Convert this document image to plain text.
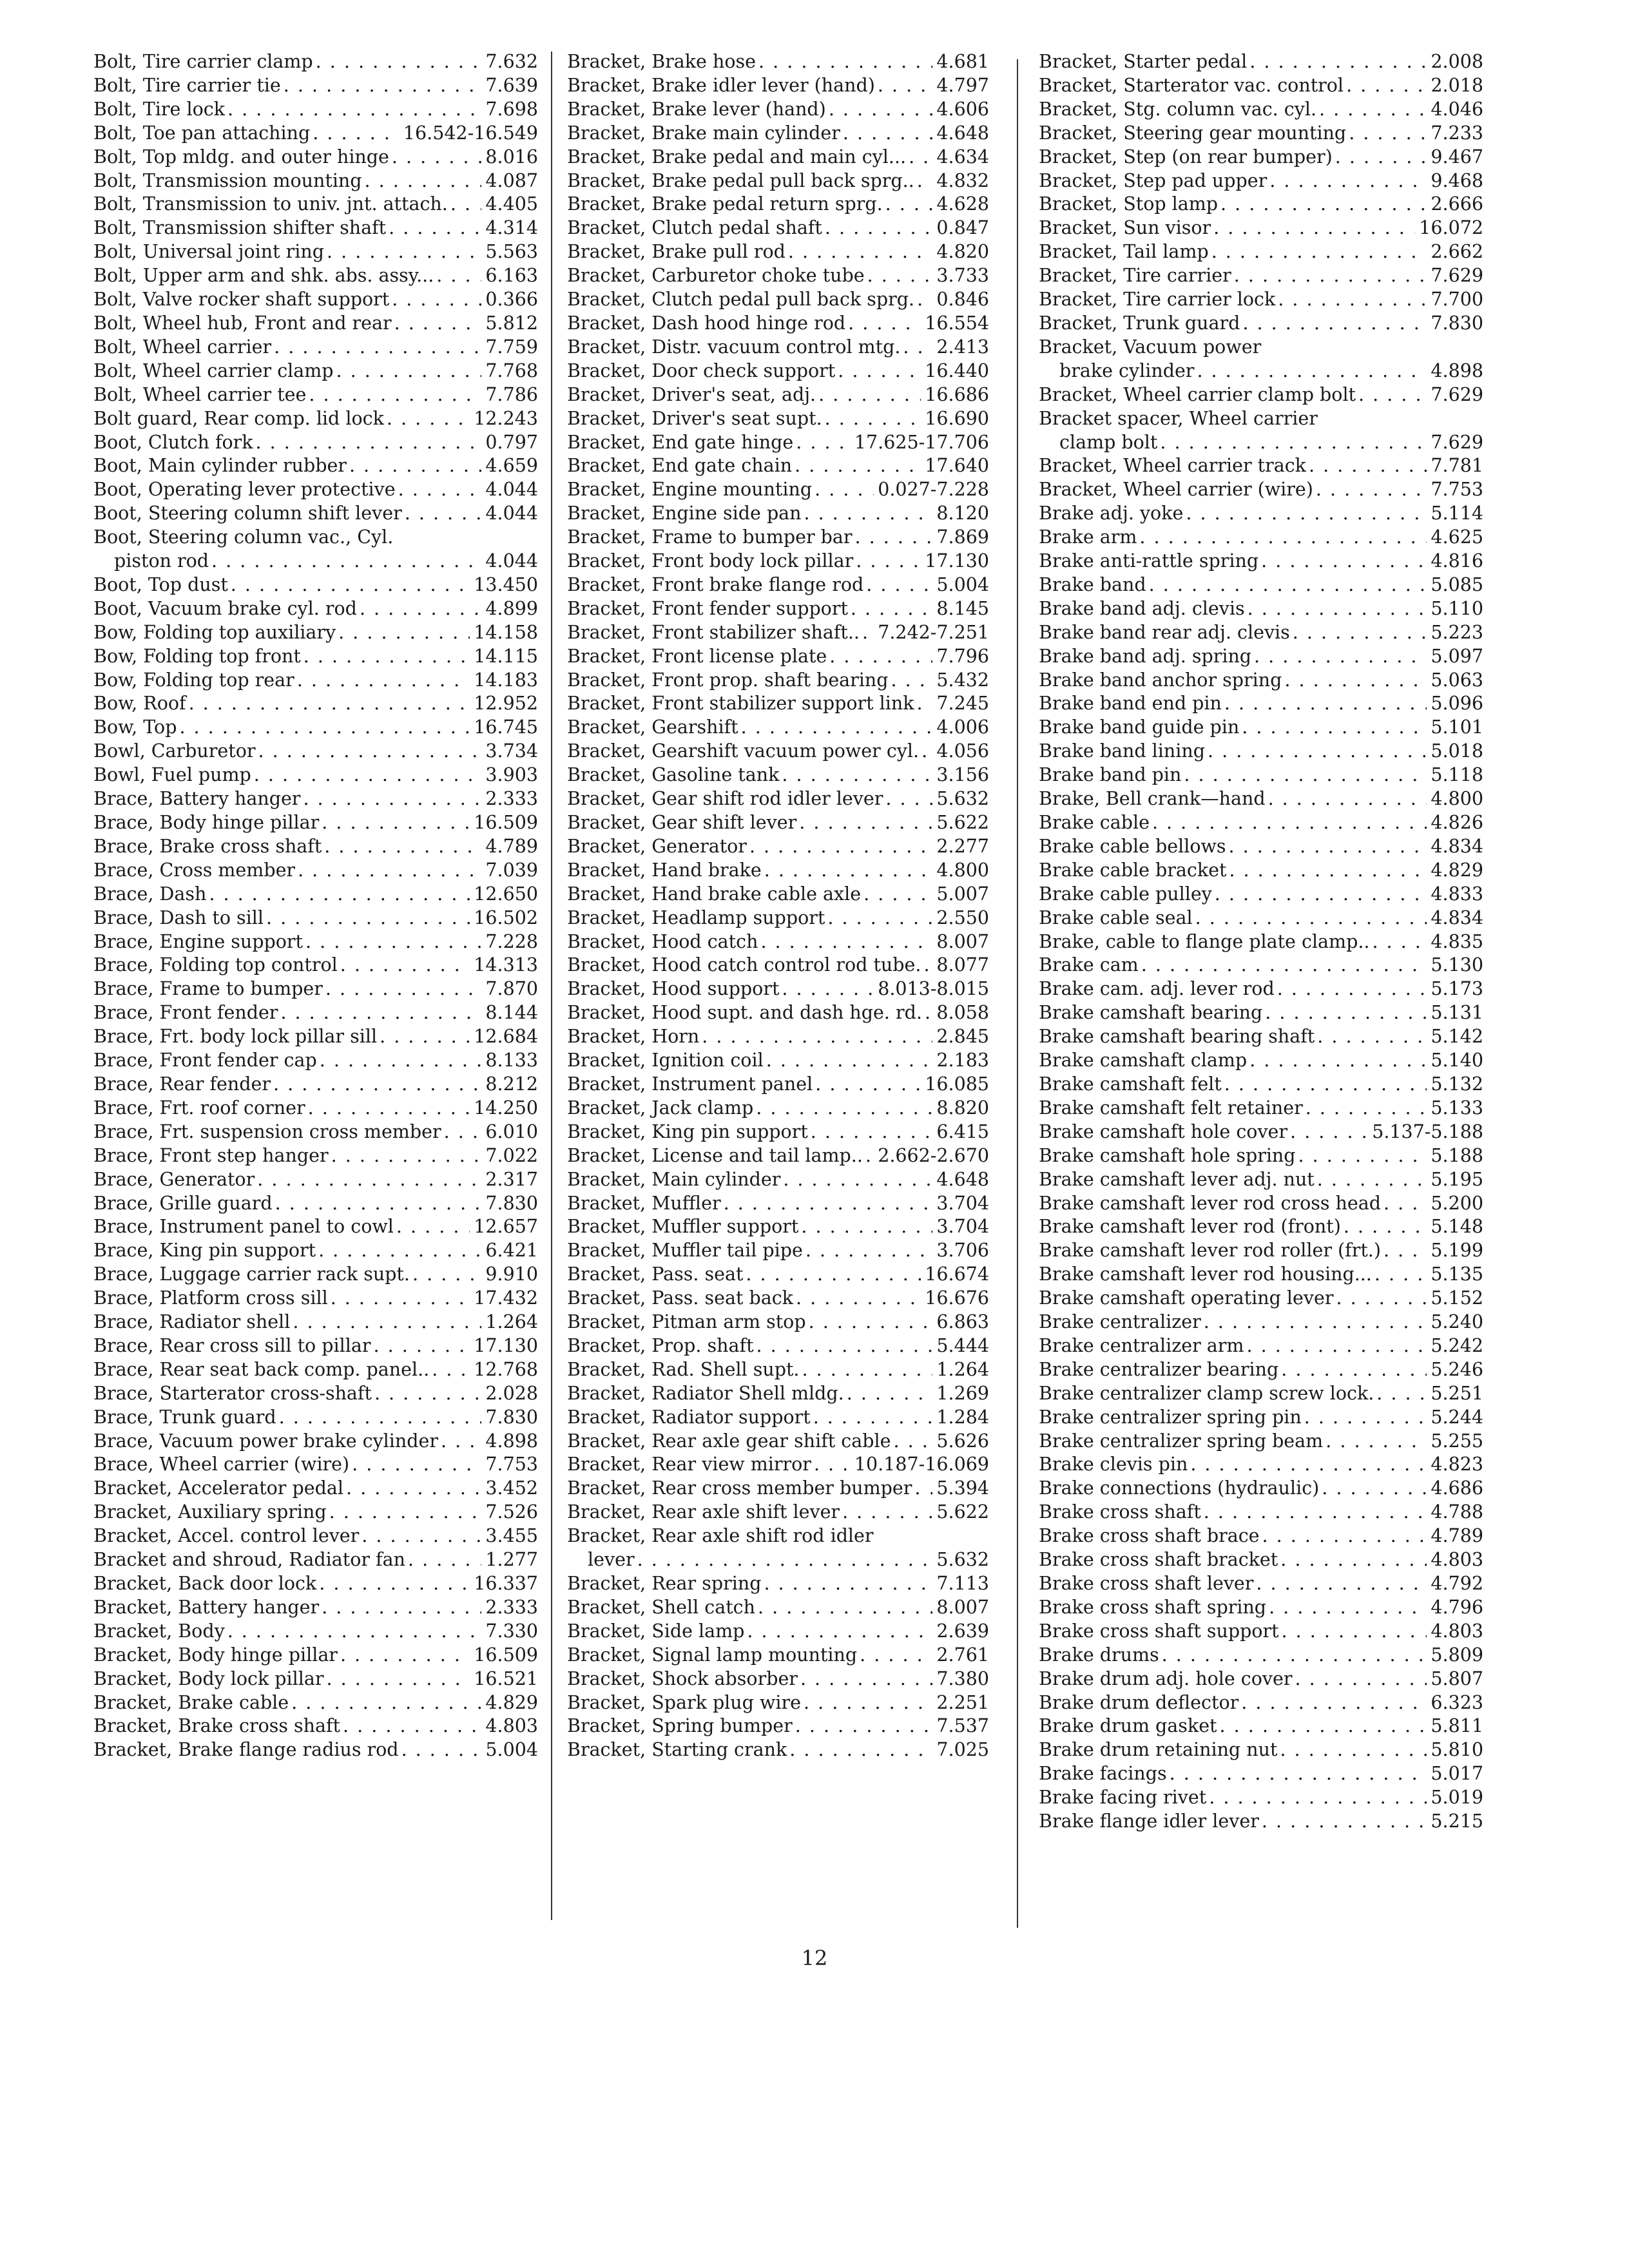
Bolt, Tire carrier clamp . . .	7.632
Bolt, Tire carrier tie . . .	7.639
Bolt, Tire lock . . .	7.698
Bolt, Toe pan attaching . . .	16.542-16.549
Bolt, Top mldg. and outer hinge . . .	8.016
Bolt, Transmission mounting . . .	4.087
Bolt, Transmission to univ. jnt. attach. . . . 4.405
Bolt, Transmission shifter shaft . . .	4.314
Bolt, Universal joint ring . . .	5.563
Bolt, Upper arm and shk. abs. assy... . . .	6.163
Bolt, Valve rocker shaft support . . .	0.366
Bolt, Wheel hub, Front and rear . . .	5.812
Bolt, Wheel carrier . . .	7.759
Bolt, Wheel carrier clamp . . .	7.768
Bolt, Wheel carrier tee . . .	7.786
Bolt guard, Rear comp. lid lock . . .	12.243
Boot, Clutch fork . . .	0.797
Boot, Main cylinder rubber . . .	4.659
Boot, Operating lever protective . . .	4.044
Boot, Steering column shift lever . . .	4.044
Boot, Steering column vac., Cyl.
piston rod . . .	4.044
Boot, Top dust . . .	13.450
Boot, Vacuum brake cyl. rod . . .	4.899
Bow, Folding top auxiliary . . .	14.158
Bow, Folding top front . . .	14.115
Bow, Folding top rear . . .	14.183
Bow, Roof . . .	12.952
Bow, Top . . .	16.745
Bowl, Carburetor . . .	3.734
Bowl, Fuel pump . . .	3.903
Brace, Battery hanger . . .	2.333
Brace, Body hinge pillar . . .	16.509
Brace, Brake cross shaft . . .	4.789
Brace, Cross member . . .	7.039
Brace, Dash . . .	12.650
Brace, Dash to sill . . .	16.502
Brace, Engine support . . .	7.228
Brace, Folding top control . . .	14.313
Brace, Frame to bumper . . .	7.870
Brace, Front fender . . .	8.144
Brace, Frt. body lock pillar sill . . .	12.684
Brace, Front fender cap . . .	8.133
Brace, Rear fender . . .	8.212
Brace, Frt. roof corner . . .	14.250
Brace, Frt. suspension cross member . . . 6.010
Brace, Front step hanger . . .	7.022
Brace, Generator . . .	2.317
Brace, Grille guard . . .	7.830
Brace, Instrument panel to cowl . . .	12.657
Brace, King pin support . . .	6.421
Brace, Luggage carrier rack supt. . . .	9.910
Brace, Platform cross sill . . .	17.432
Brace, Radiator shell . . .	1.264
Brace, Rear cross sill to pillar . . .	17.130
Brace, Rear seat back comp. panel.. . . . 12.768
Brace, Starterator cross-shaft . . .	2.028
Brace, Trunk guard . . .	7.830
Brace, Vacuum power brake cylinder . . .	4.898
Brace, Wheel carrier (wire) . . .	7.753
Bracket, Accelerator pedal . . .	3.452
Bracket, Auxiliary spring . . .	7.526
Bracket, Accel. control lever . . .	3.455
Bracket and shroud, Radiator fan . . .	1.277
Bracket, Back door lock . . .	16.337
Bracket, Battery hanger . . .	2.333
Bracket, Body . . .	7.330
Bracket, Body hinge pillar . . .	16.509
Bracket, Body lock pillar . . .	16.521
Bracket, Brake cable . . .	4.829
Bracket, Brake cross shaft . . .	4.803
Bracket, Brake flange radius rod . . .	5.004
Bracket, Brake hose . . .	4.681
Bracket, Brake idler lever (hand) . . .	4.797
Bracket, Brake lever (hand) . . .	4.606
Bracket, Brake main cylinder . . .	4.648
Bracket, Brake pedal and main cyl... . . . 4.634
Bracket, Brake pedal pull back sprg.. . . . 4.832
Bracket, Brake pedal return sprg. . . .	4.628
Bracket, Clutch pedal shaft . . .	0.847
Bracket, Brake pull rod . . .	4.820
Bracket, Carburetor choke tube . . .	3.733
Bracket, Clutch pedal pull back sprg. . . . 0.846
Bracket, Dash hood hinge rod . . .	16.554
Bracket, Distr. vacuum control mtg. . . . 2.413
Bracket, Door check support . . .	16.440
Bracket, Driver's seat, adj. . . .	16.686
Bracket, Driver's seat supt. . . .	16.690
Bracket, End gate hinge . . .	17.625-17.706
Bracket, End gate chain . . .	17.640
Bracket, Engine mounting . . .	0.027-7.228
Bracket, Engine side pan . . .	8.120
Bracket, Frame to bumper bar . . .	7.869
Bracket, Front body lock pillar . . .	17.130
Bracket, Front brake flange rod . . .	5.004
Bracket, Front fender support . . .	8.145
Bracket, Front stabilizer shaft.. . . . 7.242-7.251
Bracket, Front license plate . . .	7.796
Bracket, Front prop. shaft bearing . . .	5.432
Bracket, Front stabilizer support link . . . 7.245
Bracket, Gearshift . . .	4.006
Bracket, Gearshift vacuum power cyl. . . . 4.056
Bracket, Gasoline tank . . .	3.156
Bracket, Gear shift rod idler lever . . .	5.632
Bracket, Gear shift lever . . .	5.622
Bracket, Generator . . .	2.277
Bracket, Hand brake . . .	4.800
Bracket, Hand brake cable axle . . .	5.007
Bracket, Headlamp support . . .	2.550
Bracket, Hood catch . . .	8.007
Bracket, Hood catch control rod tube. . . . 8.077
Bracket, Hood support . . .	8.013-8.015
Bracket, Hood supt. and dash hge. rd. . . . 8.058
Bracket, Horn . . .	2.845
Bracket, Ignition coil . . .	2.183
Bracket, Instrument panel . . .	16.085
Bracket, Jack clamp . . .	8.820
Bracket, King pin support . . .	6.415
Bracket, License and tail lamp.. . . . 2.662-2.670
Bracket, Main cylinder . . .	4.648
Bracket, Muffler . . .	3.704
Bracket, Muffler support . . .	3.704
Bracket, Muffler tail pipe . . .	3.706
Bracket, Pass. seat . . .	16.674
Bracket, Pass. seat back . . .	16.676
Bracket, Pitman arm stop . . .	6.863
Bracket, Prop. shaft . . .	5.444
Bracket, Rad. Shell supt. . . .	1.264
Bracket, Radiator Shell mldg. . . .	1.269
Bracket, Radiator support . . .	1.284
Bracket, Rear axle gear shift cable . . . 5.626
Bracket, Rear view mirror . . . 10.187-16.069
Bracket, Rear cross member bumper . . . 5.394
Bracket, Rear axle shift lever . . .	5.622
Bracket, Rear axle shift rod idler
lever . . .	5.632
Bracket, Rear spring . . .	7.113
Bracket, Shell catch . . .	8.007
Bracket, Side lamp . . .	2.639
Bracket, Signal lamp mounting . . .	2.761
Bracket, Shock absorber . . .	7.380
Bracket, Spark plug wire . . .	2.251
Bracket, Spring bumper . . .	7.537
Bracket, Starting crank . . .	7.025
Bracket, Starter pedal . . .	2.008
Bracket, Starterator vac. control . . .	2.018
Bracket, Stg. column vac. cyl. . . .	4.046
Bracket, Steering gear mounting . . .	7.233
Bracket, Step (on rear bumper) . . .	9.467
Bracket, Step pad upper . . .	9.468
Bracket, Stop lamp . . .	2.666
Bracket, Sun visor . . .	16.072
Bracket, Tail lamp . . .	2.662
Bracket, Tire carrier . . .	7.629
Bracket, Tire carrier lock . . .	7.700
Bracket, Trunk guard . . .	7.830
Bracket, Vacuum power
brake cylinder . . .	4.898
Bracket, Wheel carrier clamp bolt . . .	7.629
Bracket spacer, Wheel carrier
clamp bolt . . .	7.629
Bracket, Wheel carrier track . . .	7.781
Bracket, Wheel carrier (wire) . . .	7.753
Brake adj. yoke . . .	5.114
Brake arm . . .	4.625
Brake anti-rattle spring . . .	4.816
Brake band . . .	5.085
Brake band adj. clevis . . .	5.110
Brake band rear adj. clevis . . .	5.223
Brake band adj. spring . . .	5.097
Brake band anchor spring . . .	5.063
Brake band end pin . . .	5.096
Brake band guide pin . . .	5.101
Brake band lining . . .	5.018
Brake band pin . . .	5.118
Brake, Bell crank—hand . . .	4.800
Brake cable . . .	4.826
Brake cable bellows . . .	4.834
Brake cable bracket . . .	4.829
Brake cable pulley . . .	4.833
Brake cable seal . . .	4.834
Brake, cable to flange plate clamp.. . . .	4.835
Brake cam . . .	5.130
Brake cam. adj. lever rod . . .	5.173
Brake camshaft bearing . . .	5.131
Brake camshaft bearing shaft . . .	5.142
Brake camshaft clamp . . .	5.140
Brake camshaft felt . . .	5.132
Brake camshaft felt retainer . . .	5.133
Brake camshaft hole cover . . .	5.137-5.188
Brake camshaft hole spring . . .	5.188
Brake camshaft lever adj. nut . . .	5.195
Brake camshaft lever rod cross head . . .	5.200
Brake camshaft lever rod (front) . . .	5.148
Brake camshaft lever rod roller (frt.) . . .	5.199
Brake camshaft lever rod housing... . . .	5.135
Brake camshaft operating lever . . .	5.152
Brake centralizer . . .	5.240
Brake centralizer arm . . .	5.242
Brake centralizer bearing . . .	5.246
Brake centralizer clamp screw lock. . . .	5.251
Brake centralizer spring pin . . .	5.244
Brake centralizer spring beam . . .	5.255
Brake clevis pin . . .	4.823
Brake connections (hydraulic) . . .	4.686
Brake cross shaft . . .	4.788
Brake cross shaft brace . . .	4.789
Brake cross shaft bracket . . .	4.803
Brake cross shaft lever . . .	4.792
Brake cross shaft spring . . .	4.796
Brake cross shaft support . . .	4.803
Brake drums . . .	5.809
Brake drum adj. hole cover . . .	5.807
Brake drum deflector . . .	6.323
Brake drum gasket . . .	5.811
Brake drum retaining nut . . .	5.810
Brake facings . . .	5.017
Brake facing rivet . . .	5.019
Brake flange idler lever . . .	5.215
12
